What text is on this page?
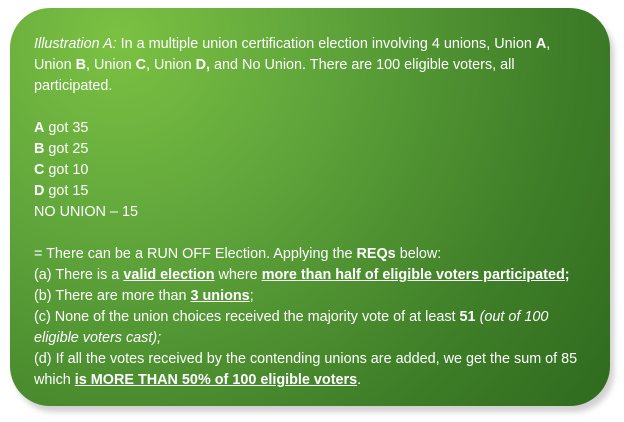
Illustration A: In a multiple union certification election involving 4 unions, Union A, Union B, Union C, Union D, and No Union. There are 100 eligible voters, all participated.

A got 35

B got 25

C got 10

D got 15

NO UNION – 15

= There can be a RUN OFF Election. Applying the REQs below:

(a) There is a valid election where more than half of eligible voters participated;

(b) There are more than 3 unions;

(c) None of the union choices received the majority vote of at least 51 (out of 100 eligible voters cast);

(d) If all the votes received by the contending unions are added, we get the sum of 85 which is MORE THAN 50% of 100 eligible voters.
